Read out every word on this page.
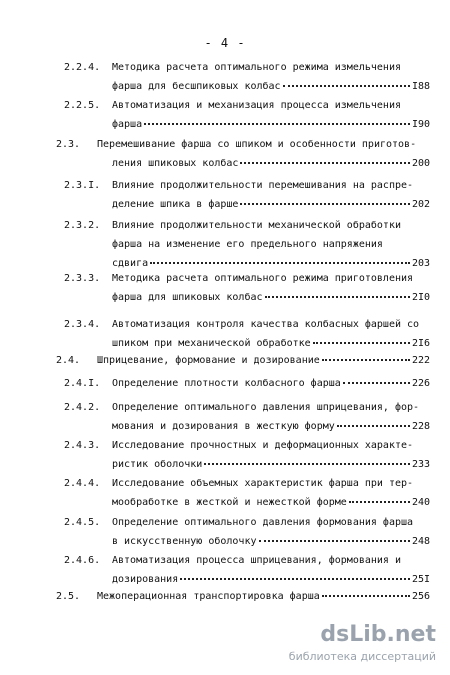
- 4 -
2.2.4. Методика расчета оптимального режима измельчения
фарша для бесшпиковых колбас	I88
2.2.5. Автоматизация и механизация процесса измельчения
фарша	I90
2.3. Перемешивание фарша со шпиком и особенности приготов-
ления шпиковых колбас	200
2.3.I. Влияние продолжительности перемешивания на распре-
деление шпика в фарше	202
2.3.2. Влияние продолжительности механической обработки
фарша на изменение его предельного напряжения
сдвига	203
2.3.3. Методика расчета оптимального режима приготовления
фарша для шпиковых колбас	2I0
2.3.4. Автоматизация контроля качества колбасных фаршей со
шпиком при механической обработке	2I6
2.4. Шприцевание, формование и дозирование	222
2.4.I. Определение плотности колбасного фарша	226
2.4.2. Определение оптимального давления шприцевания, фор-
мования и дозирования в жесткую форму	228
2.4.3. Исследование прочностных и деформационных характе-
ристик оболочки	233
2.4.4. Исследование объемных характеристик фарша при тер-
мообработке в жесткой и нежесткой форме	240
2.4.5. Определение оптимального давления формования фарша
в искусственную оболочку	248
2.4.6. Автоматизация процесса шприцевания, формования и
дозирования	25I
2.5. Межоперационная транспортировка фарша	256
dsLib.net
библиотека диссертаций
